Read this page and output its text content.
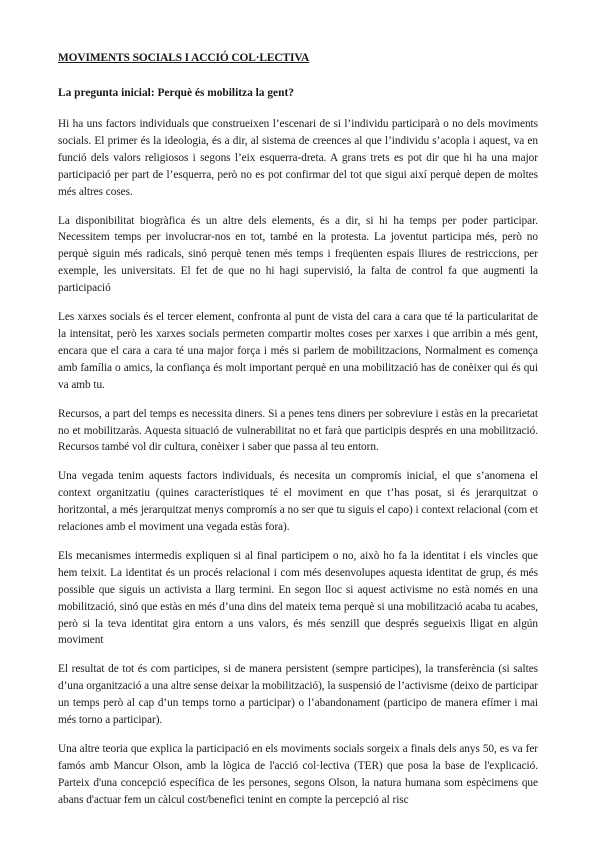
MOVIMENTS SOCIALS I ACCIÓ COL·LECTIVA
La pregunta inicial: Perquè és mobilitza la gent?

Hi ha uns factors individuals que construeixen l’escenari de si l’individu participarà o no dels moviments socials. El primer és la ideologia, és a dir, al sistema de creences al que l’individu s’acopla i aquest, va en funció dels valors religiosos i segons l’eix esquerra-dreta. A grans trets es pot dir que hi ha una major participació per part de l’esquerra, però no es pot confirmar del tot que sigui així perquè depen de moltes més altres coses.

La disponibilitat biogràfica és un altre dels elements, és a dir, si hi ha temps per poder participar. Necessitem temps per involucrar-nos en tot, també en la protesta. La joventut participa més, però no perquè siguin més radicals, sinó perquè tenen més temps i freqüenten espais lliures de restriccions, per exemple, les universitats. El fet de que no hi hagi supervisió, la falta de control fa que augmenti la participació

Les xarxes socials és el tercer element, confronta al punt de vista del cara a cara que té la particularitat de la intensitat, però les xarxes socials permeten compartir moltes coses per xarxes i que arribin a més gent, encara que el cara a cara té una major força i més si parlem de mobilitzacions, Normalment es comença amb família o amics, la confiança és molt important perquè en una mobilització has de conèixer qui és qui va amb tu.

Recursos, a part del temps es necessita diners. Si a penes tens diners per sobreviure i estàs en la precarietat no et mobilitzaràs. Aquesta situació de vulnerabilitat no et farà que participis després en una mobilització. Recursos també vol dir cultura, conèixer i saber que passa al teu entorn.

Una vegada tenim aquests factors individuals, és necesita un compromís inicial, el que s’anomena el context organitzatiu (quines característiques té el moviment en que t’has posat, si és jerarquitzat o horitzontal, a més jerarquitzat menys compromís a no ser que tu siguis el capo) i context relacional (com et relaciones amb el moviment una vegada estàs fora).

Els mecanismes intermedis expliquen si al final participem o no, això ho fa la identitat i els vincles que hem teixit. La identitat és un procés relacional i com més desenvolupes aquesta identitat de grup, és més possible que siguis un activista a llarg termini. En segon lloc si aquest activisme no està només en una mobilització, sinó que estàs en més d’una dins del mateix tema perquè si una mobilització acaba tu acabes, però si la teva identitat gira entorn a uns valors, és més senzill que després segueixis lligat en algún moviment

El resultat de tot és com participes, si de manera persistent (sempre participes), la transferència (si saltes d’una organització a una altre sense deixar la mobilització), la suspensió de l’activisme (deixo de participar un temps però al cap d’un temps torno a participar) o l’abandonament (participo de manera efímer i mai més torno a participar).

Una altre teoria que explica la participació en els moviments socials sorgeix a finals dels anys 50, es va fer famós amb Mancur Olson, amb la lògica de l'acció col·lectiva (TER) que posa la base de l'explicació. Parteix d'una concepció específica de les persones, segons Olson, la natura humana som espècimens que abans d'actuar fem un càlcul cost/benefici tenint en compte la percepció al risc
